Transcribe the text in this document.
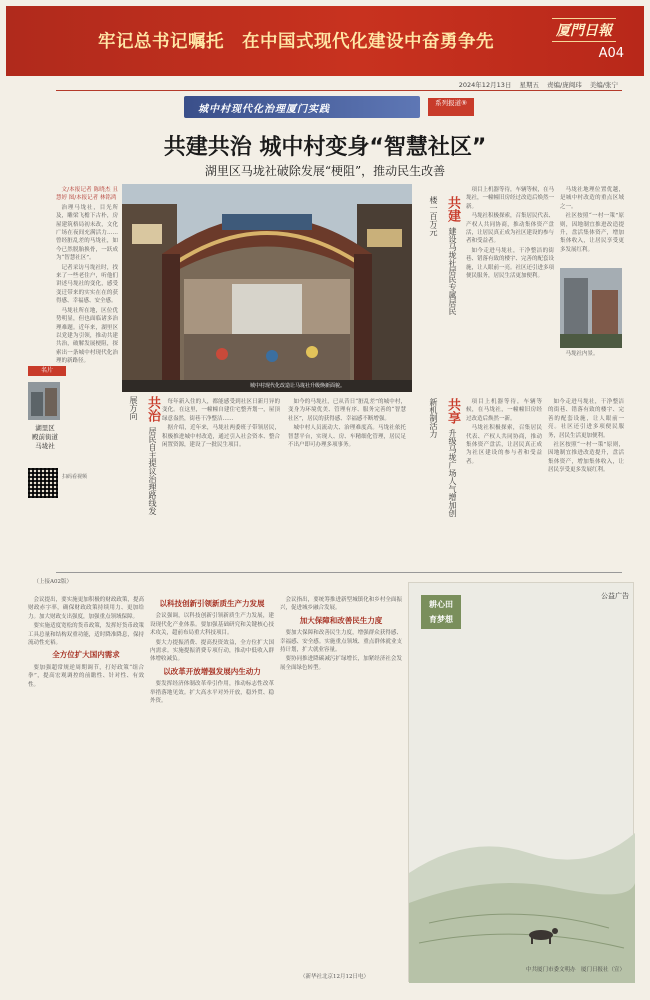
牢记总书记嘱托　在中国式现代化建设中奋勇争先
厦門日報
A04
2024年12月13日 星期五 责编/庞闽玮 美编/张宁
城中村现代化治理厦门实践
系列报道⑨
共建共治 城中村变身“智慧社区”
湖里区马垅社破除发展“梗阻”，推动民生改善

文/本报记者 陈晓杰 且慧婷 图/本报记者 林铭鸿

治理马垅社，目光所及，雕梁飞檐下古朴，房屋建筑格局初未改，文化广场在夜间充满活力……曾经脏乱差的马垅社，如今已然脱胎换骨，一跃成为“智慧社区”。

记者采访马垅社时，找来了一些老住户，听他们讲述马垅社的变化，感受变迁带来的实实在在的获得感、幸福感、安全感。

马垅社所在地，区位优势明显，但也面临诸多治理难题。近年来，湖里区以党建为引领，推动共建共治，破解发展梗阻，探索出一条城中村现代化治理的新路径。

城中村现代化改造让马垅社升级焕新面貌。
共建 建设马垅社居民专属居民楼一百万元
共治 居民自主提议治理路线发展方向	共享 升级马垅广场人气增加创新机制活力

每年新入住的人，都能感受到社区日新月异的变化。在这里，一幢幢自建住宅整齐划一，屋顶绿意盎然，街巷干净整洁……

据介绍，近年来，马垅社两委班子带领居民，积极推进城中村改造，通过引入社会资本、整合闲置资源，建设了一批民生项目。

如今的马垅社，已从昔日“脏乱差”的城中村，变身为环境优美、管理有序、服务完善的“智慧社区”，居民的获得感、幸福感不断增强。

城中村人员流动大、治理难度高。马垅社依托智慧平台，实现人、房、车精细化管理，居民足不出户即可办理多项事务。

项目上机器等待，车辆等候，在马垅社，一幢幢旧房经过改造后焕然一新。

马垅社积极探索，召集居民代表、产权人共同协商，推动集体资产盘活，让居民真正成为社区建设的参与者和受益者。

如今走进马垅社，干净整洁的街巷、错落有致的楼宇、完善的配套设施，让人眼前一亮。社区还引进多项便民服务，居民生活更加便利。

马垅社地理位置优越，是城中村改造的重点区域之一。

社区按照“一村一策”原则，因地制宜推进改造提升，盘活集体资产，增加集体收入，让居民享受更多发展红利。

马垅社内景。

项目上机器等待，车辆等候，在马垅社，一幢幢旧房经过改造后焕然一新。

马垅社积极探索，召集居民代表、产权人共同协商，推动集体资产盘活，让居民真正成为社区建设的参与者和受益者。

如今走进马垅社，干净整洁的街巷、错落有致的楼宇、完善的配套设施，让人眼前一亮。社区还引进多项便民服务，居民生活更加便利。

社区按照“一村一策”原则，因地制宜推进改造提升，盘活集体资产，增加集体收入，让居民享受更多发展红利。

名片
湖里区
殿前街道马垅社
扫码看视频

（上接A02版）

会议提出，要实施更加积极的财政政策，提高财政赤字率，确保财政政策持续用力、更加给力。加大财政支出强度，加强重点领域保障。

要实施适度宽松的货币政策，发挥好货币政策工具总量和结构双重功能，适时降准降息，保持流动性充裕。

全方位扩大国内需求

要加强超常规逆周期调节，打好政策“组合拳”，提高宏观调控的前瞻性、针对性、有效性。

以科技创新引领新质生产力发展

会议强调，以科技创新引领新质生产力发展，建设现代化产业体系。要加强基础研究和关键核心技术攻关，超前布局重大科技项目。

要大力提振消费、提高投资效益，全方位扩大国内需求。实施提振消费专项行动，推动中低收入群体增收减负。

以改革开放增强发展内生动力

要发挥经济体制改革牵引作用，推动标志性改革举措落地见效。扩大高水平对外开放，稳外贸、稳外资。

会议指出，要统筹推进新型城镇化和乡村全面振兴，促进城乡融合发展。

加大保障和改善民生力度

要加大保障和改善民生力度，增强群众获得感、幸福感、安全感。实施重点领域、重点群体就业支持计划，扩大就业容量。

要协同推进降碳减污扩绿增长，加紧经济社会发展全面绿色转型。

（新华社北京12月12日电）
公益广告
耕心田
育梦想
中共厦门市委文明办　厦门日报社（宣）
